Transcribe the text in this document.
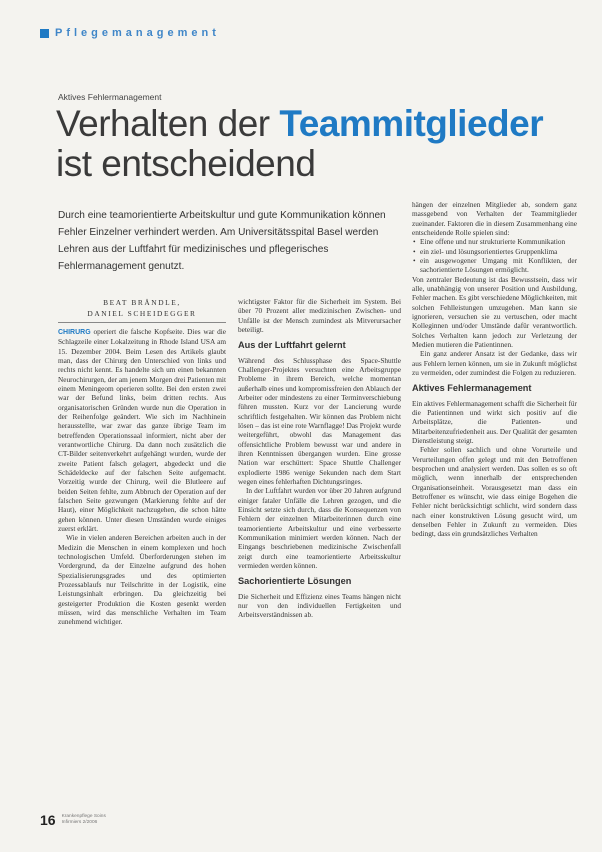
Pflegemanagement
Aktives Fehlermanagement
Verhalten der Teammitglieder
ist entscheidend
Durch eine teamorientierte Arbeitskultur und gute Kommunikation können Fehler Einzelner verhindert werden. Am Universitätsspital Basel werden Lehren aus der Luftfahrt für medizinisches und pflegerisches Fehlermanagement genutzt.
BEAT BRÄNDLE,
DANIEL SCHEIDEGGER

CHIRURG operiert die falsche Kopfseite. Dies war die Schlagzeile einer Lokalzeitung in Rhode Island USA am 15. Dezember 2004. Beim Lesen des Artikels glaubt man, dass der Chirurg den Unterschied von links und rechts nicht kennt. Es handelte sich um einen bekannten Neurochirurgen, der am jenem Morgen drei Patienten mit einem Meningeom operieren sollte. Bei den ersten zwei war der Befund links, beim dritten rechts. Aus organisatorischen Gründen wurde nun die Operation in der Reihenfolge geändert. Wie sich im Nachhinein herausstellte, war zwar das ganze übrige Team im betreffenden Operationssaal informiert, nicht aber der verantwortliche Chirurg. Da dann noch zusätzlich die CT-Bilder seitenverkehrt aufgehängt wurden, wurde der zweite Patient falsch gelagert, abgedeckt und die Schädeldecke auf der falschen Seite aufgemacht. Vorzeitig wurde der Chirurg, weil die Blutleere auf beiden Seiten fehlte, zum Abbruch der Operation auf der falschen Seite gezwungen (Markierung fehlte auf der Haut), einer Möglichkeit nachzugehen, die schon hätte gehen können. Unter diesen Umständen wurde einiges zuerst erklärt.

Wie in vielen anderen Bereichen arbeiten auch in der Medizin die Menschen in einem komplexen und hoch technologischen Umfeld. Überforderungen stehen im Vordergrund, da der Einzelne aufgrund des hohen Spezialisierungsgrades und des optimierten Prozessablaufs nur Teilschritte in der Logistik, eine Leistungsinhalt erbringen. Da gleichzeitig bei gesteigerter Produktion die Kosten gesenkt werden müssen, wird das menschliche Verhalten im Team zunehmend wichtiger.

wichtigster Faktor für die Sicherheit im System. Bei über 70 Prozent aller medizinischen Zwischen- und Unfälle ist der Mensch zumindest als Mitverursacher beteiligt.

Aus der Luftfahrt gelernt

Während des Schlussphase des Space-Shuttle Challenger-Projektes versuchten eine Arbeitsgruppe Probleme in ihrem Bereich, welche momentan außerhalb eines und kompromissfreien den Ablauch der Arbeiter oder mindestens zu einer Terminverschiebung führen mussten. Kurz vor der Lancierung wurde schriftlich festgehalten. Wir können das Problem nicht lösen – das ist eine rote Warnflagge! Das Projekt wurde weitergeführt, obwohl das Management das offensichtliche Problem bewusst war und andere in ihren Kenntnissen übergangen wurden. Eine grosse Nation war erschüttert: Space Shuttle Challenger explodierte 1986 wenige Sekunden nach dem Start wegen eines fehlerhaften Dichtungsringes.

In der Luftfahrt wurden vor über 20 Jahren aufgrund einiger fataler Unfälle die Lehren gezogen, und die Einsicht setzte sich durch, dass die Konsequenzen von Fehlern der einzelnen Mitarbeiterinnen durch eine teamorientierte Arbeitskultur und eine verbesserte Kommunikation minimiert werden können. Nach der Eingangs beschriebenen medizinische Zwischenfall zeigt durch eine teamorientierte Arbeitsskultur vermieden werden können.

Sachorientierte Lösungen

Die Sicherheit und Effizienz eines Teams hängen nicht nur von den individuellen Fertigkeiten und Arbeitsverständnissen ab.

hängen der einzelnen Mitglieder ab, sondern ganz massgebend von Verhalten der Teammitglieder zueinander. Faktoren die in diesem Zusammenhang eine entscheidende Rolle spielen sind:

• Eine offene und nur strukturierte Kommunikation
• ein ziel- und lösungsorientiertes Gruppenklima
• ein ausgewogener Umgang mit Konflikten, der sachorientierte Lösungen ermöglicht.

Von zentraler Bedeutung ist das Bewusstsein, dass wir alle, unabhängig von unserer Position und Ausbildung, Fehler machen. Es gibt verschiedene Möglichkeiten, mit solchen Fehlleistungen umzugehen. Man kann sie ignorieren, versuchen sie zu vertuschen, oder macht Kolleginnen und/oder Umstände dafür verantwortlich. Solches Verhalten kann jedoch zur Verletzung der Medien mutieren die Patientinnen.

Ein ganz anderer Ansatz ist der Gedanke, dass wir aus Fehlern lernen können, um sie in Zukunft möglichst zu vermeiden, oder zumindest die Folgen zu reduzieren.

Aktives Fehlermanagement

Ein aktives Fehlermanagement schafft die Sicherheit für die Patientinnen und wirkt sich positiv auf die Arbeitsplätze, die Patienten- und Mitarbeitenzufriedenheit aus. Der Qualität der gesamten Dienstleistung steigt.

Fehler sollen sachlich und ohne Vorurteile und Verurteilungen offen gelegt und mit den Betroffenen besprochen und analysiert werden. Das sollen es so oft möglich, wenn innerhalb der entsprechenden Organisationseinheit. Vorausgesetzt man dass ein Betroffener es wünscht, wie dass einige Bogehen die Fehler nicht berücksichtigt schlicht, wird sondern dass nach einer konstruktiven Lösung gesucht wird, um denselben Fehler in Zukunft zu vermeiden. Dies bedingt, dass ein grundsätzliches Verhalten

16 Krankenpflege Soins
Infirmiers 2/2006
